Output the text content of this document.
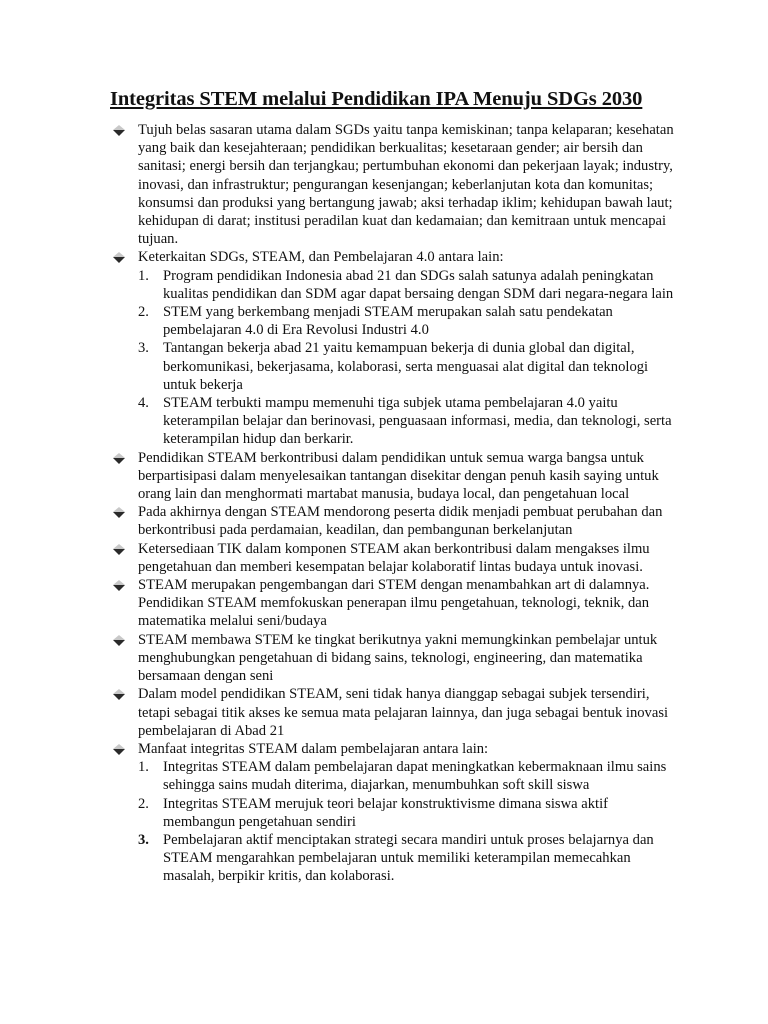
Integritas STEM melalui Pendidikan IPA Menuju SDGs 2030
Tujuh belas sasaran utama dalam SGDs yaitu tanpa kemiskinan; tanpa kelaparan; kesehatan yang baik dan kesejahteraan; pendidikan berkualitas; kesetaraan gender; air bersih dan sanitasi; energi bersih dan terjangkau; pertumbuhan ekonomi dan pekerjaan layak; industry, inovasi, dan infrastruktur; pengurangan kesenjangan; keberlanjutan kota dan komunitas; konsumsi dan produksi yang bertangung jawab; aksi terhadap iklim; kehidupan bawah laut; kehidupan di darat; institusi peradilan kuat dan kedamaian; dan kemitraan untuk mencapai tujuan.
Keterkaitan SDGs, STEAM, dan Pembelajaran 4.0 antara lain:
1. Program pendidikan Indonesia abad 21 dan SDGs salah satunya adalah peningkatan kualitas pendidikan dan SDM agar dapat bersaing dengan SDM dari negara-negara lain
2. STEM yang berkembang menjadi STEAM merupakan salah satu pendekatan pembelajaran 4.0 di Era Revolusi Industri 4.0
3. Tantangan bekerja abad 21 yaitu kemampuan bekerja di dunia global dan digital, berkomunikasi, bekerjasama, kolaborasi, serta menguasai alat digital dan teknologi untuk bekerja
4. STEAM terbukti mampu memenuhi tiga subjek utama pembelajaran 4.0 yaitu keterampilan belajar dan berinovasi, penguasaan informasi, media, dan teknologi, serta keterampilan hidup dan berkarir.
Pendidikan STEAM berkontribusi dalam pendidikan untuk semua warga bangsa untuk berpartisipasi dalam menyelesaikan tantangan disekitar dengan penuh kasih saying untuk orang lain dan menghormati martabat manusia, budaya local, dan pengetahuan local
Pada akhirnya dengan STEAM mendorong peserta didik menjadi pembuat perubahan dan berkontribusi pada perdamaian, keadilan, dan pembangunan berkelanjutan
Ketersediaan TIK dalam komponen STEAM akan berkontribusi dalam mengakses ilmu pengetahuan dan memberi kesempatan belajar kolaboratif lintas budaya untuk inovasi.
STEAM merupakan pengembangan dari STEM dengan menambahkan art di dalamnya. Pendidikan STEAM memfokuskan penerapan ilmu pengetahuan, teknologi, teknik, dan matematika melalui seni/budaya
STEAM membawa STEM ke tingkat berikutnya yakni memungkinkan pembelajar untuk menghubungkan pengetahuan di bidang sains, teknologi, engineering, dan matematika bersamaan dengan seni
Dalam model pendidikan STEAM, seni tidak hanya dianggap sebagai subjek tersendiri, tetapi sebagai titik akses ke semua mata pelajaran lainnya, dan juga sebagai bentuk inovasi pembelajaran di Abad 21
Manfaat integritas STEAM dalam pembelajaran antara lain:
1. Integritas STEAM dalam pembelajaran dapat meningkatkan kebermaknaan ilmu sains sehingga sains mudah diterima, diajarkan, menumbuhkan soft skill siswa
2. Integritas STEAM merujuk teori belajar konstruktivisme dimana siswa aktif membangun pengetahuan sendiri
3. Pembelajaran aktif menciptakan strategi secara mandiri untuk proses belajarnya dan STEAM mengarahkan pembelajaran untuk memiliki keterampilan memecahkan masalah, berpikir kritis, dan kolaborasi.
